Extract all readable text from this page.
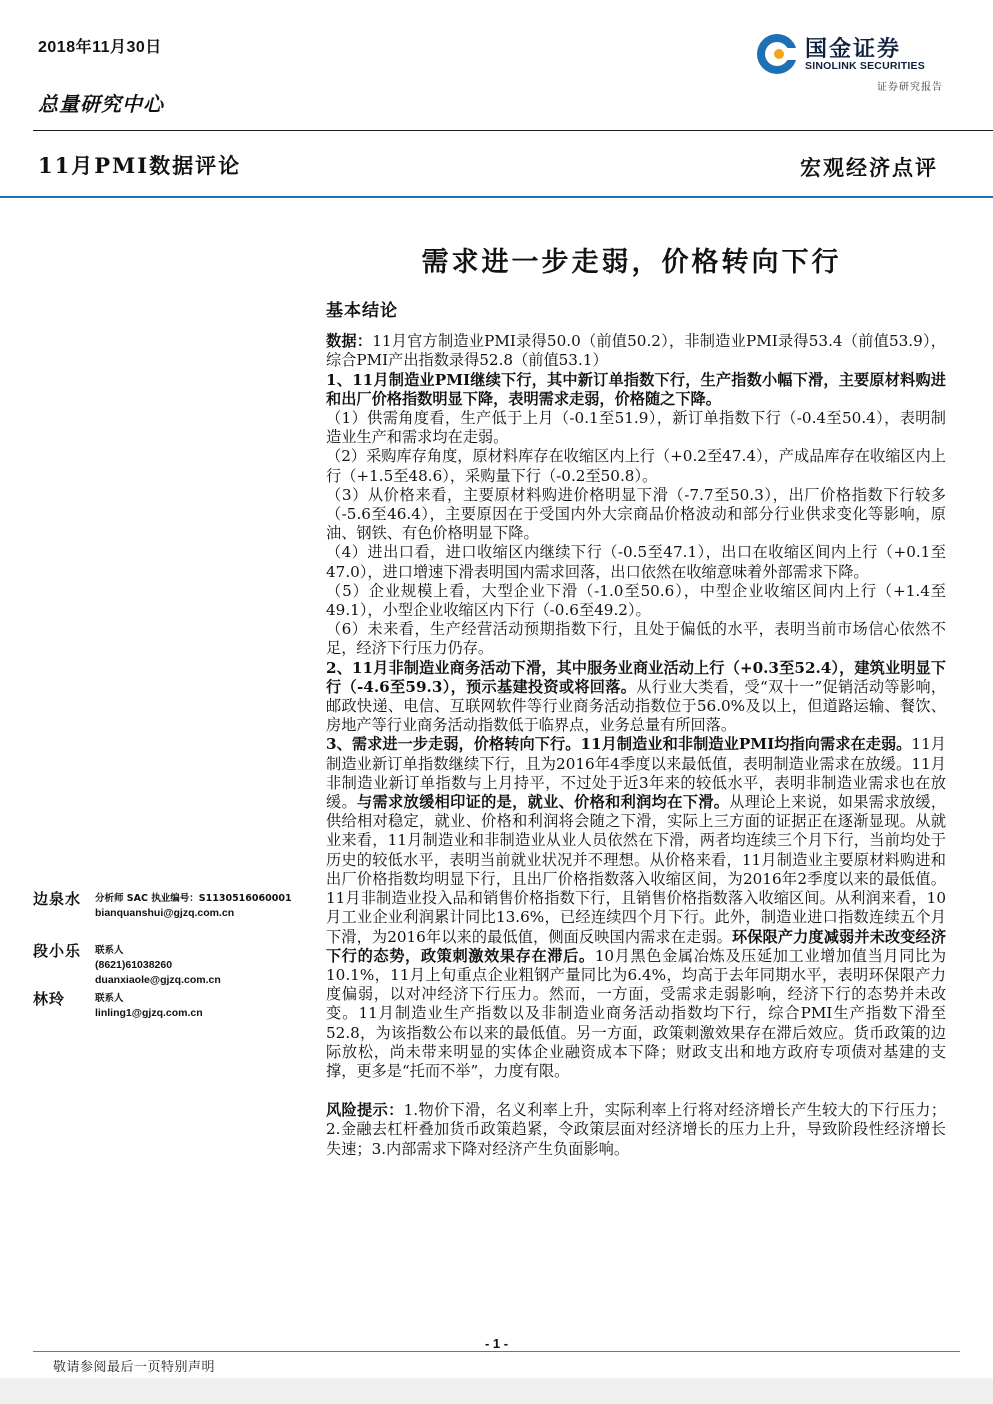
2018年11月30日
总量研究中心
11月PMI数据评论	宏观经济点评
国金证券
SINOLINK SECURITIES
证券研究报告
需求进一步走弱，价格转向下行
基本结论

数据：11月官方制造业PMI录得50.0（前值50.2），非制造业PMI录得53.4（前值53.9），综合PMI产出指数录得52.8（前值53.1）

1、11月制造业PMI继续下行，其中新订单指数下行，生产指数小幅下滑，主要原材料购进和出厂价格指数明显下降，表明需求走弱，价格随之下降。

（1）供需角度看，生产低于上月（-0.1至51.9），新订单指数下行（-0.4至50.4），表明制造业生产和需求均在走弱。

（2）采购库存角度，原材料库存在收缩区内上行（+0.2至47.4），产成品库存在收缩区内上行（+1.5至48.6），采购量下行（-0.2至50.8）。

（3）从价格来看，主要原材料购进价格明显下滑（-7.7至50.3），出厂价格指数下行较多（-5.6至46.4），主要原因在于受国内外大宗商品价格波动和部分行业供求变化等影响，原油、钢铁、有色价格明显下降。

（4）进出口看，进口收缩区内继续下行（-0.5至47.1），出口在收缩区间内上行（+0.1至47.0），进口增速下滑表明国内需求回落，出口依然在收缩意味着外部需求下降。

（5）企业规模上看，大型企业下滑（-1.0至50.6），中型企业收缩区间内上行（+1.4至49.1），小型企业收缩区内下行（-0.6至49.2）。

（6）未来看，生产经营活动预期指数下行，且处于偏低的水平，表明当前市场信心依然不足，经济下行压力仍存。

2、11月非制造业商务活动下滑，其中服务业商业活动上行（+0.3至52.4），建筑业明显下行（-4.6至59.3），预示基建投资或将回落。从行业大类看，受“双十一”促销活动等影响，邮政快递、电信、互联网软件等行业商务活动指数位于56.0%及以上，但道路运输、餐饮、房地产等行业商务活动指数低于临界点，业务总量有所回落。

3、需求进一步走弱，价格转向下行。11月制造业和非制造业PMI均指向需求在走弱。11月制造业新订单指数继续下行，且为2016年4季度以来最低值，表明制造业需求在放缓。11月非制造业新订单指数与上月持平，不过处于近3年来的较低水平，表明非制造业需求也在放缓。与需求放缓相印证的是，就业、价格和利润均在下滑。从理论上来说，如果需求放缓，供给相对稳定，就业、价格和利润将会随之下滑，实际上三方面的证据正在逐渐显现。从就业来看，11月制造业和非制造业从业人员依然在下滑，两者均连续三个月下行，当前均处于历史的较低水平，表明当前就业状况并不理想。从价格来看，11月制造业主要原材料购进和出厂价格指数均明显下行，且出厂价格指数落入收缩区间，为2016年2季度以来的最低值。11月非制造业投入品和销售价格指数下行，且销售价格指数落入收缩区间。从利润来看，10月工业企业利润累计同比13.6%，已经连续四个月下行。此外，制造业进口指数连续五个月下滑，为2016年以来的最低值，侧面反映国内需求在走弱。环保限产力度减弱并未改变经济下行的态势，政策刺激效果存在滞后。10月黑色金属冶炼及压延加工业增加值当月同比为10.1%，11月上旬重点企业粗钢产量同比为6.4%，均高于去年同期水平，表明环保限产力度偏弱，以对冲经济下行压力。然而，一方面，受需求走弱影响，经济下行的态势并未改变。11月制造业生产指数以及非制造业商务活动指数均下行，综合PMI生产指数下滑至52.8，为该指数公布以来的最低值。另一方面，政策刺激效果存在滞后效应。货币政策的边际放松，尚未带来明显的实体企业融资成本下降；财政支出和地方政府专项债对基建的支撑，更多是“托而不举”，力度有限。

风险提示：1.物价下滑，名义利率上升，实际利率上行将对经济增长产生较大的下行压力；2.金融去杠杆叠加货币政策趋紧，令政策层面对经济增长的压力上升，导致阶段性经济增长失速；3.内部需求下降对经济产生负面影响。

边泉水 分析师 SAC 执业编号：S1130516060001
bianquanshui@gjzq.com.cn
段小乐 联系人
(8621)61038260
duanxiaole@gjzq.com.cn
林玲	联系人
linling1@gjzq.com.cn
- 1 -
敬请参阅最后一页特别声明
